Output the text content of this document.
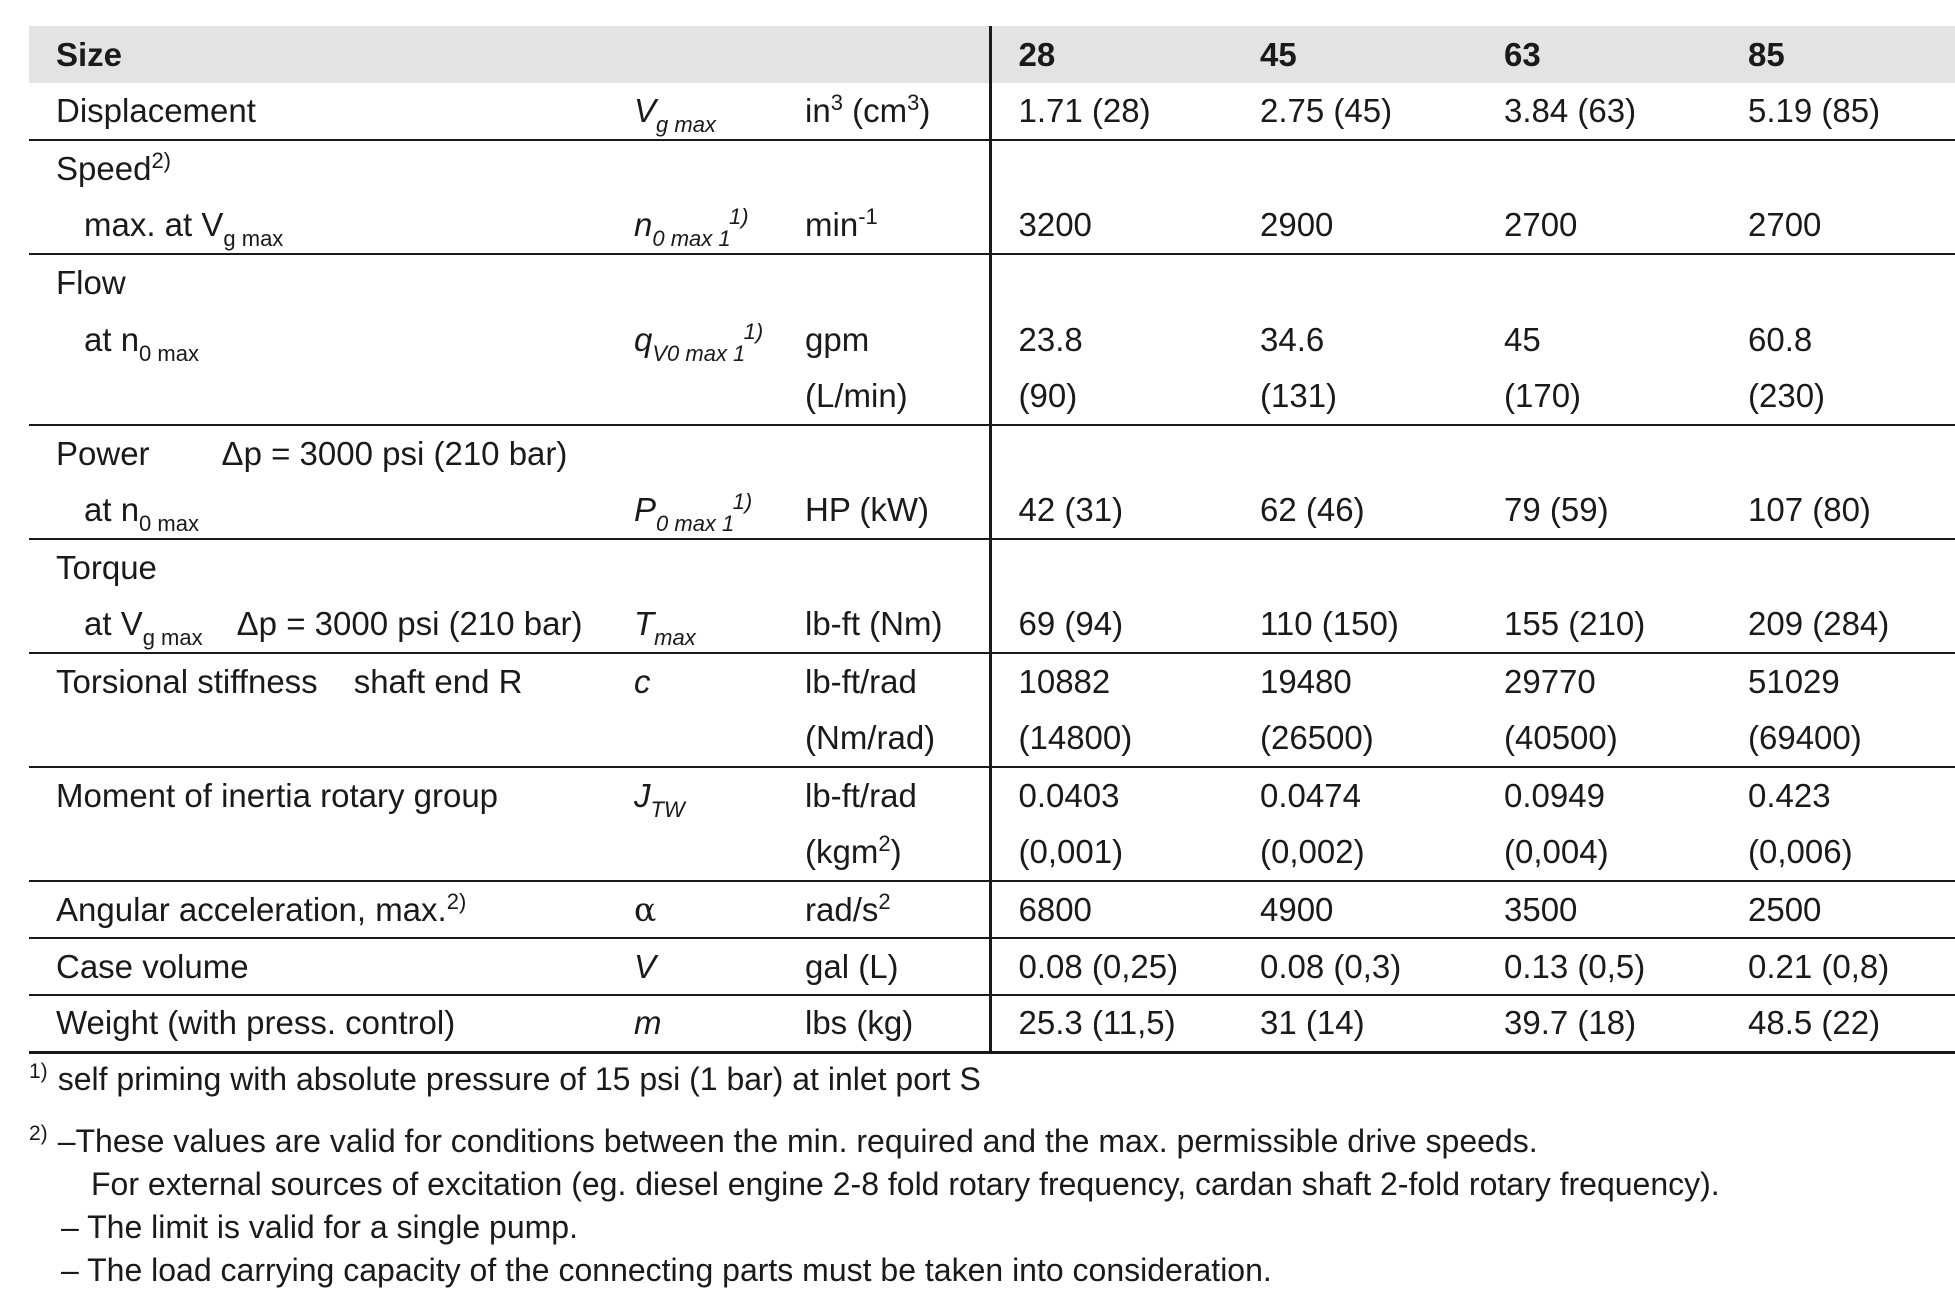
Size			28	45	63	85
Displacement	$V_{g max}$	$in^3$ $(cm^3)$	1.71 (28)	2.75 (45)	3.84 (63)	5.19 (85)
Speed$^{2)}$						
max. at $V_{g max}$	$n_{0 max 1}^{1)}$	$\min^{-1}$	3200	2900	2700	2700
Flow						
at $n_{0 max}$	$q_{V0 max 1}^{1)}$	gpm	23.8	34.6	45	60.8
		(L/min)	(90)	(131)	(170)	(230)
Power Δp = 3000 psi (210 bar)						
at $n_{0 max}$	$P_{0 max 1}^{1)}$	HP (kW)	42 (31)	62 (46)	79 (59)	107 (80)
Torque						
at $V_{g max}$ Δp = 3000 psi (210 bar)	$T_{max}$	lb-ft (Nm)	69 (94)	110 (150)	155 (210)	209 (284)
Torsional stiffness shaft end R	c	lb-ft/rad	10882	19480	29770	51029
		(Nm/rad)	(14800)	(26500)	(40500)	(69400)
Moment of inertia rotary group	$J_{TW}$	lb-ft/rad	0.0403	0.0474	0.0949	0.423
		(kgm$^2$)	(0,001)	(0,002)	(0,004)	(0,006)
Angular acceleration, max.$^{2)}$	α	rad/$s^2$	6800	4900	3500	2500
Case volume	V	gal (L)	0.08 (0,25)	0.08 (0,3)	0.13 (0,5)	0.21 (0,8)
Weight (with press. control)	m	lbs (kg)	25.3 (11,5)	31 (14)	39.7 (18)	48.5 (22)
$^{1)}$ self priming with absolute pressure of 15 psi (1 bar) at inlet port S
$^{2)}$ –These values are valid for conditions between the min. required and the max. permissible drive speeds.
For external sources of excitation (eg. diesel engine 2-8 fold rotary frequency, cardan shaft 2-fold rotary frequency).
– The limit is valid for a single pump.
– The load carrying capacity of the connecting parts must be taken into consideration.
